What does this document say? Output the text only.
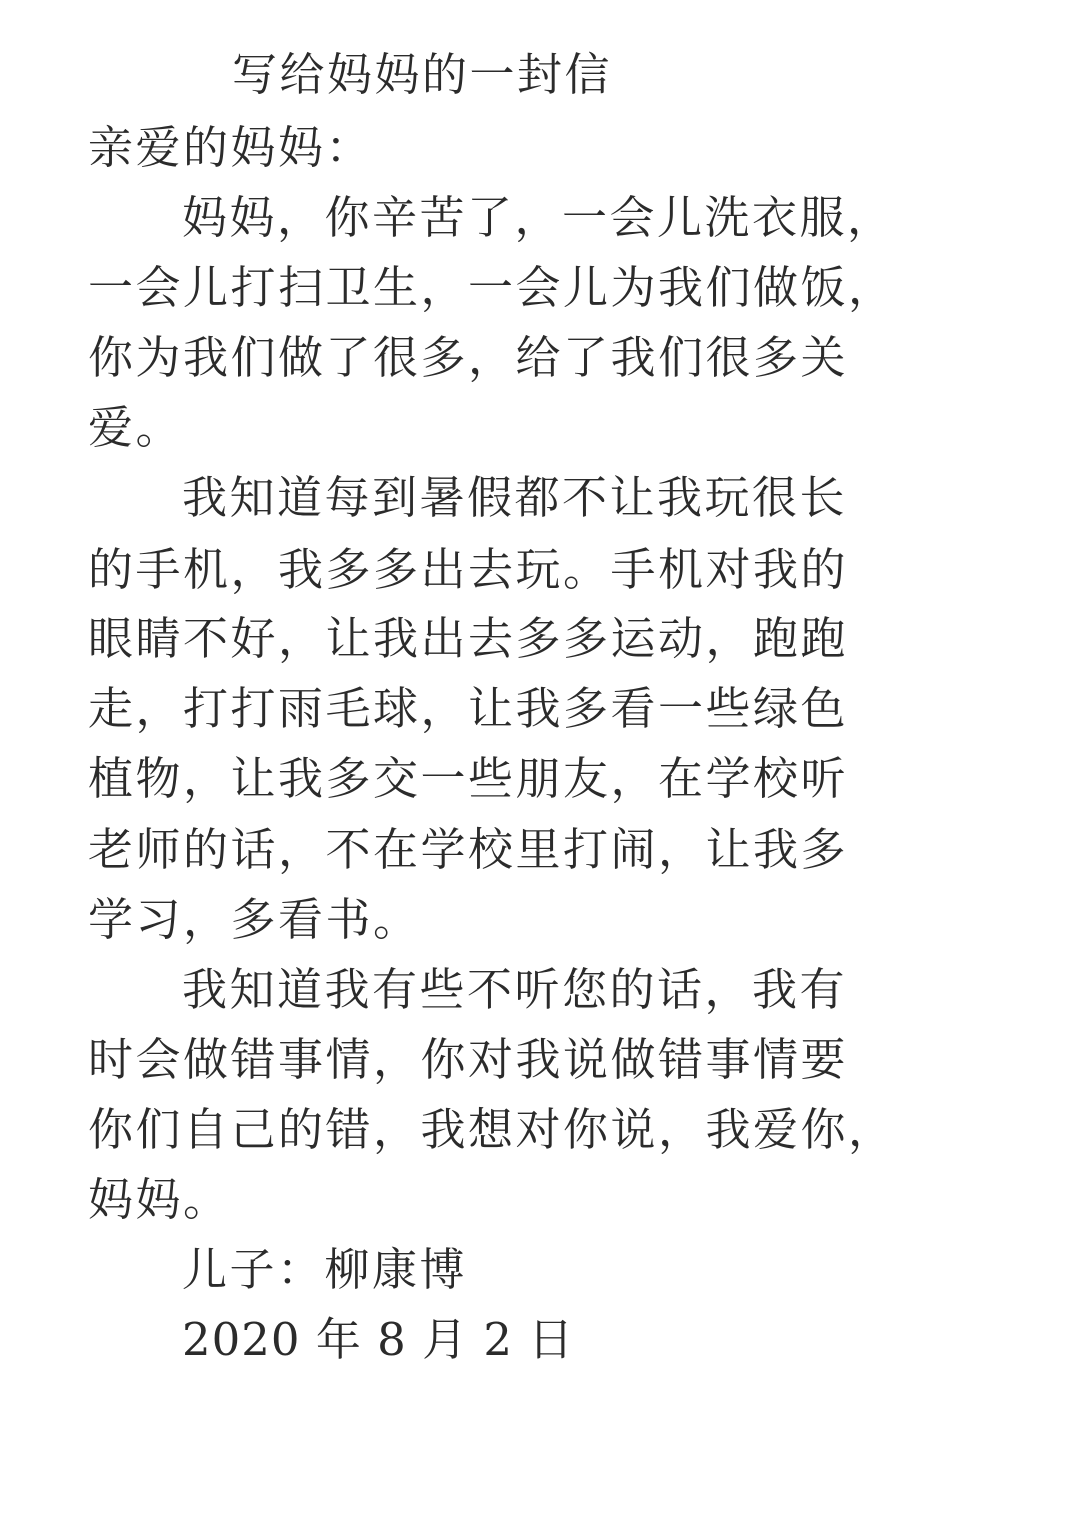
写给妈妈的一封信
亲爱的妈妈：
妈妈，你辛苦了，一会儿洗衣服，
一会儿打扫卫生，一会儿为我们做饭，
你为我们做了很多，给了我们很多关
爱。
我知道每到暑假都不让我玩很长
的手机，我多多出去玩。手机对我的
眼睛不好，让我出去多多运动，跑跑
走，打打雨毛球，让我多看一些绿色
植物，让我多交一些朋友，在学校听
老师的话，不在学校里打闹，让我多
学习，多看书。
我知道我有些不听您的话，我有
时会做错事情，你对我说做错事情要
你们自己的错，我想对你说，我爱你，
妈妈。
儿子：柳康博
2020 年 8 月 2 日
